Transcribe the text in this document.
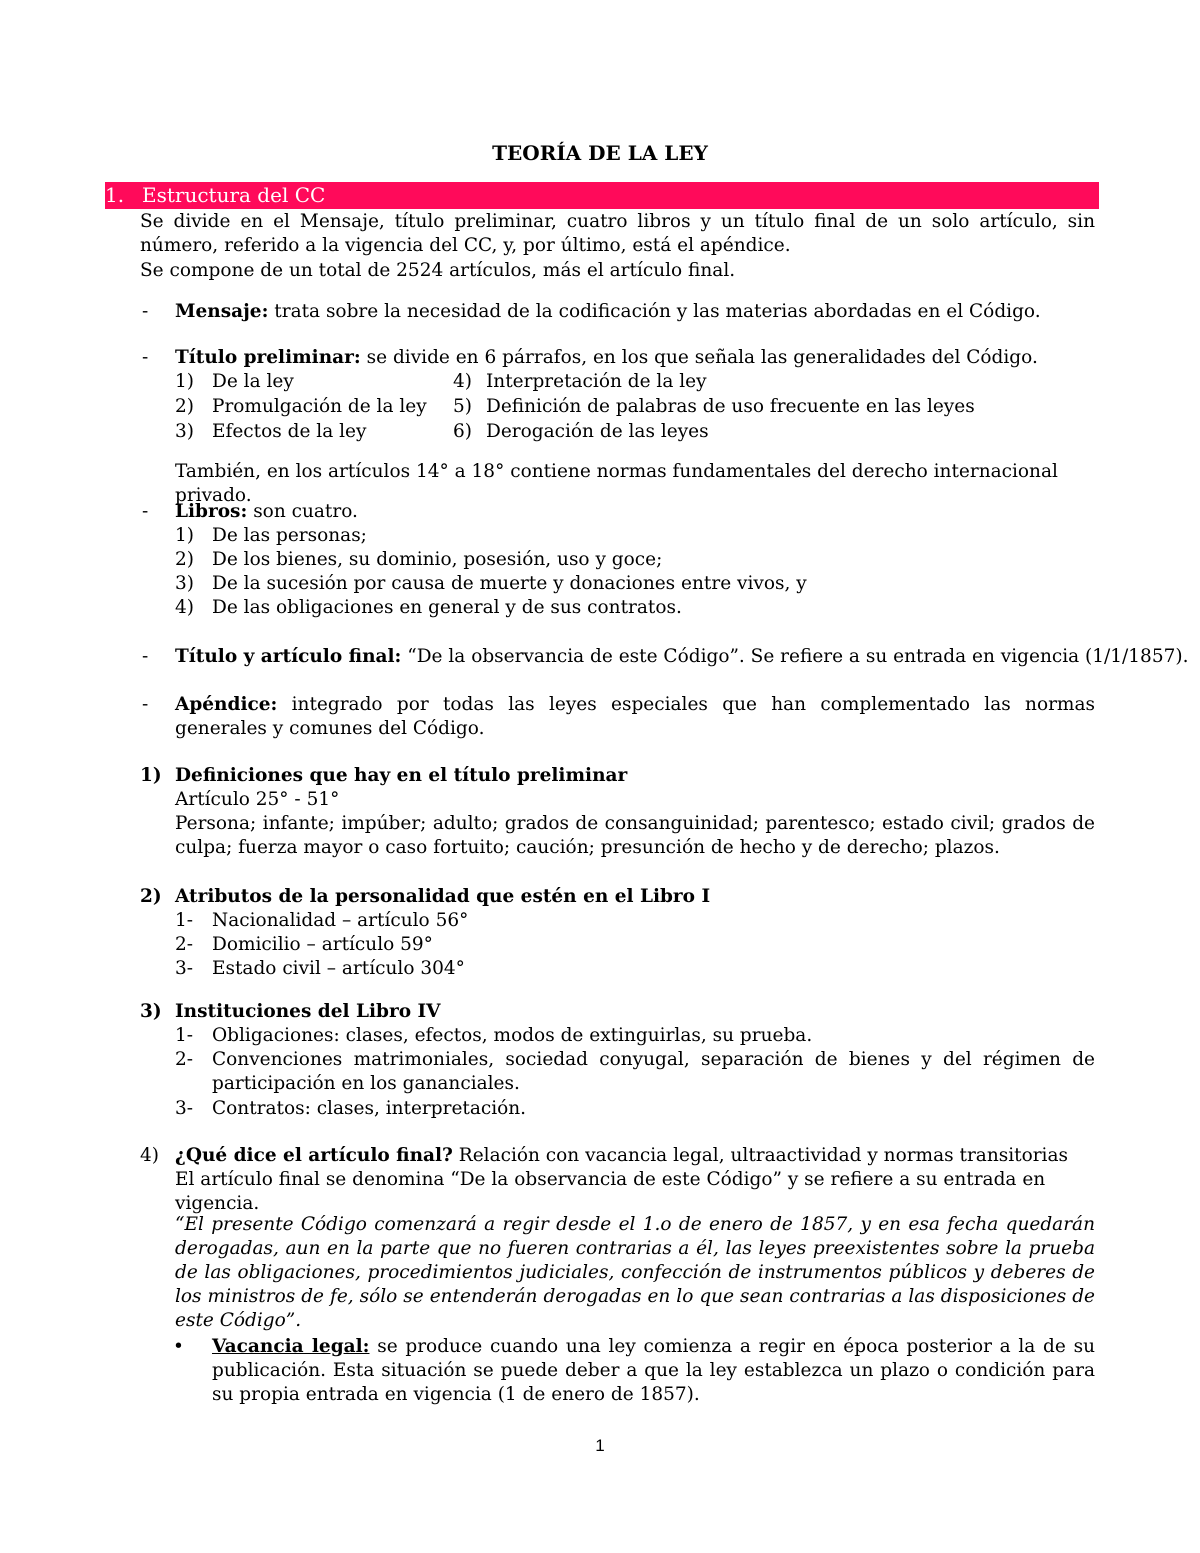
TEORÍA DE LA LEY
1. Estructura del CC
Se divide en el Mensaje, título preliminar, cuatro libros y un título final de un solo artículo, sin número, referido a la vigencia del CC, y, por último, está el apéndice.
Se compone de un total de 2524 artículos, más el artículo final.
- Mensaje: trata sobre la necesidad de la codificación y las materias abordadas en el Código.
- Título preliminar: se divide en 6 párrafos, en los que señala las generalidades del Código.
1) De la ley
2) Promulgación de la ley
3) Efectos de la ley
4) Interpretación de la ley
5) Definición de palabras de uso frecuente en las leyes
6) Derogación de las leyes
También, en los artículos 14° a 18° contiene normas fundamentales del derecho internacional privado.
- Libros: son cuatro.
1) De las personas;
2) De los bienes, su dominio, posesión, uso y goce;
3) De la sucesión por causa de muerte y donaciones entre vivos, y
4) De las obligaciones en general y de sus contratos.
- Título y artículo final: “De la observancia de este Código”. Se refiere a su entrada en vigencia (1/1/1857).
- Apéndice: integrado por todas las leyes especiales que han complementado las normas generales y comunes del Código.
1) Definiciones que hay en el título preliminar
Artículo 25° - 51°
Persona; infante; impúber; adulto; grados de consanguinidad; parentesco; estado civil; grados de culpa; fuerza mayor o caso fortuito; caución; presunción de hecho y de derecho; plazos.
2) Atributos de la personalidad que estén en el Libro I
1- Nacionalidad – artículo 56°
2- Domicilio – artículo 59°
3- Estado civil – artículo 304°
3) Instituciones del Libro IV
1- Obligaciones: clases, efectos, modos de extinguirlas, su prueba.
2- Convenciones matrimoniales, sociedad conyugal, separación de bienes y del régimen de participación en los gananciales.
3- Contratos: clases, interpretación.
4) ¿Qué dice el artículo final? Relación con vacancia legal, ultraactividad y normas transitorias
El artículo final se denomina “De la observancia de este Código” y se refiere a su entrada en vigencia.
“El presente Código comenzará a regir desde el 1.o de enero de 1857, y en esa fecha quedarán derogadas, aun en la parte que no fueren contrarias a él, las leyes preexistentes sobre la prueba de las obligaciones, procedimientos judiciales, confección de instrumentos públicos y deberes de los ministros de fe, sólo se entenderán derogadas en lo que sean contrarias a las disposiciones de este Código”.
• Vacancia legal: se produce cuando una ley comienza a regir en época posterior a la de su publicación. Esta situación se puede deber a que la ley establezca un plazo o condición para su propia entrada en vigencia (1 de enero de 1857).
1
